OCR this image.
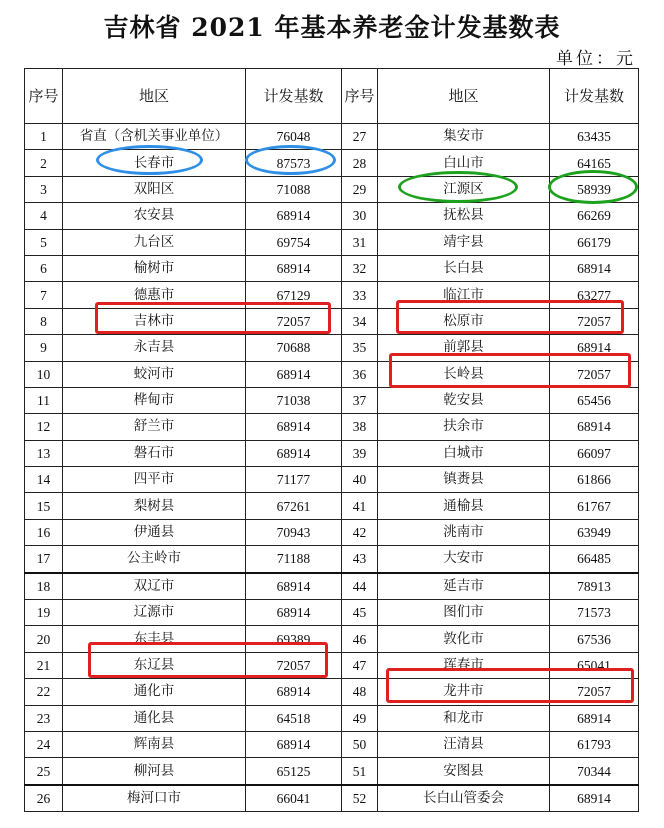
吉林省 2021 年基本养老金计发基数表
单位：元
序号	地区	计发基数	序号	地区	计发基数
1	省直（含机关事业单位）	76048	27	集安市	63435
2	长春市	87573	28	白山市	64165
3	双阳区	71088	29	江源区	58939
4	农安县	68914	30	抚松县	66269
5	九台区	69754	31	靖宇县	66179
6	榆树市	68914	32	长白县	68914
7	德惠市	67129	33	临江市	63277
8	吉林市	72057	34	松原市	72057
9	永吉县	70688	35	前郭县	68914
10	蛟河市	68914	36	长岭县	72057
11	桦甸市	71038	37	乾安县	65456
12	舒兰市	68914	38	扶余市	68914
13	磐石市	68914	39	白城市	66097
14	四平市	71177	40	镇赉县	61866
15	梨树县	67261	41	通榆县	61767
16	伊通县	70943	42	洮南市	63949
17	公主岭市	71188	43	大安市	66485
18	双辽市	68914	44	延吉市	78913
19	辽源市	68914	45	图们市	71573
20	东丰县	69389	46	敦化市	67536
21	东辽县	72057	47	珲春市	65041
22	通化市	68914	48	龙井市	72057
23	通化县	64518	49	和龙市	68914
24	辉南县	68914	50	汪清县	61793
25	柳河县	65125	51	安图县	70344
26	梅河口市	66041	52	长白山管委会	68914
